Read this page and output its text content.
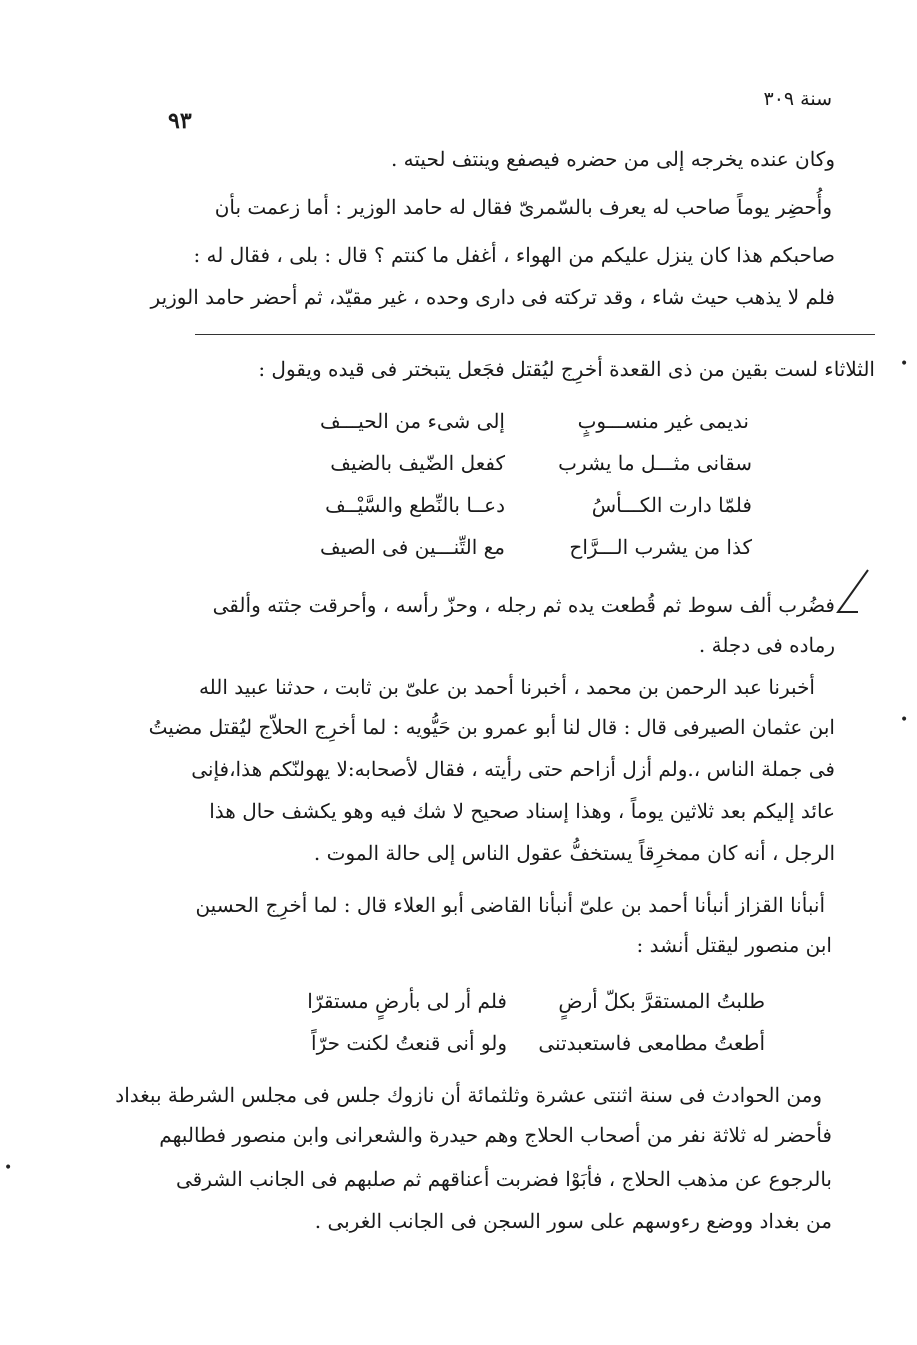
سنة ٣٠٩
٩٣
وكان عنده يخرجه إلى من حضره فيصفع وينتف لحيته .
وأُحضِر يوماً صاحب له يعرف بالسّمرىّ فقال له حامد الوزير : أما زعمت بأن
صاحبكم هذا كان ينزل عليكم من الهواء ، أغفل ما كنتم ؟ قال : بلى ، فقال له :
فلم لا يذهب حيث شاء ، وقد تركته فى دارى وحده ، غير مقيّد، ثم أحضر حامد الوزير
•
•
•
الثلاثاء لست بقين من ذى القعدة أخرِج ليُقتل فجَعل يتبختر فى قيده ويقول :
نديمى غير منســـوبٍ
إلى شىء من الحيـــف
سقانى مثـــل ما يشرب
كفعل الضّيف بالضيف
فلمّا دارت الكـــأسُ
دعــا بالنِّطع والسَّيْــف
كذا من يشرب الـــرَّاح
مع التِّنـــين فى الصيف
فضُرب ألف سوط ثم قُطعت يده ثم رجله ، وحزّ رأسه ، وأحرقت جثته وألقى
رماده فى دجلة .
أخبرنا عبد الرحمن بن محمد ، أخبرنا أحمد بن علىّ بن ثابت ، حدثنا عبيد الله
ابن عثمان الصيرفى قال : قال لنا أبو عمرو بن حَيُّويه : لما أخرِج الحلاّج ليُقتل مضيتُ
فى جملة الناس ،.ولم أزل أزاحم حتى رأيته ، فقال لأصحابه:لا يهولنّكم هذا،فإنى
عائد إليكم بعد ثلاثين يوماً ، وهذا إسناد صحيح لا شك فيه وهو يكشف حال هذا
الرجل ، أنه كان ممخرِقاً يستخفُّ عقول الناس إلى حالة الموت .
أنبأنا القزاز أنبأنا أحمد بن علىّ أنبأنا القاضى أبو العلاء قال : لما أخرِج الحسين
ابن منصور ليقتل أنشد :
طلبتُ المستقرَّ بكلّ أرضٍ
فلم أر لى بأرضٍ مستقرّا
أطعتُ مطامعى فاستعبدتنى
ولو أنى قنعتُ لكنت حرّاً
ومن الحوادث فى سنة اثنتى عشرة وثلثمائة أن نازوك جلس فى مجلس الشرطة ببغداد
فأحضر له ثلاثة نفر من أصحاب الحلاج وهم حيدرة والشعرانى وابن منصور فطالبهم
بالرجوع عن مذهب الحلاج ، فأبَوْا فضربت أعناقهم ثم صلبهم فى الجانب الشرقى
من بغداد ووضع رءوسهم على سور السجن فى الجانب الغربى .
